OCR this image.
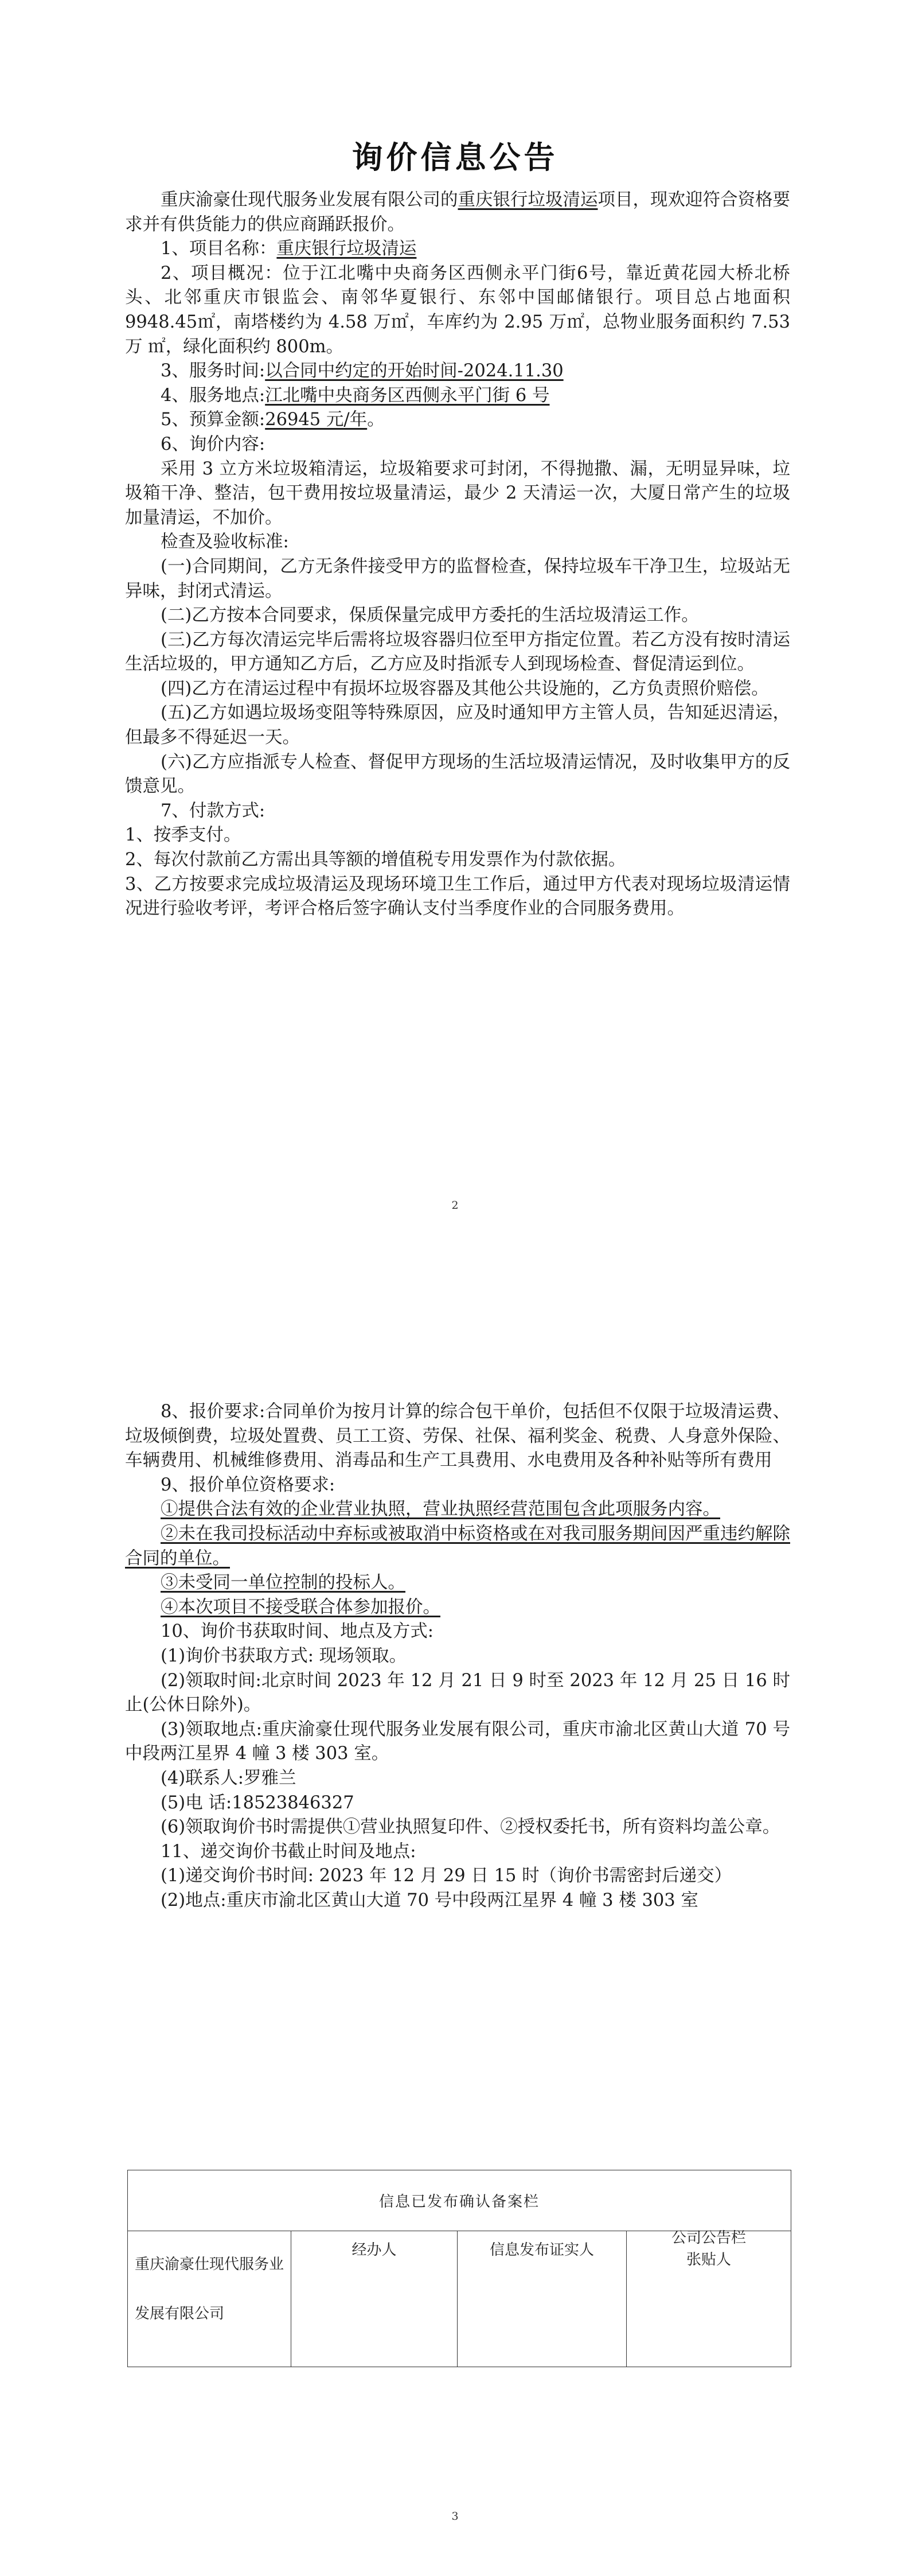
询价信息公告

重庆渝豪仕现代服务业发展有限公司的重庆银行垃圾清运项目，现欢迎符合资格要求并有供货能力的供应商踊跃报价。

1、项目名称：重庆银行垃圾清运

2、项目概况：位于江北嘴中央商务区西侧永平门街6号，靠近黄花园大桥北桥头、北邻重庆市银监会、南邻华夏银行、东邻中国邮储银行。项目总占地面积 9948.45㎡，南塔楼约为 4.58 万㎡，车库约为 2.95 万㎡，总物业服务面积约 7.53 万 ㎡，绿化面积约 800m。

3、服务时间:以合同中约定的开始时间-2024.11.30

4、服务地点:江北嘴中央商务区西侧永平门街 6 号

5、预算金额:26945 元/年。

6、询价内容:

采用 3 立方米垃圾箱清运，垃圾箱要求可封闭，不得抛撒、漏，无明显异味，垃圾箱干净、整洁，包干费用按垃圾量清运，最少 2 天清运一次，大厦日常产生的垃圾加量清运，不加价。

检查及验收标准:

(一)合同期间，乙方无条件接受甲方的监督检查，保持垃圾车干净卫生，垃圾站无异味，封闭式清运。

(二)乙方按本合同要求，保质保量完成甲方委托的生活垃圾清运工作。

(三)乙方每次清运完毕后需将垃圾容器归位至甲方指定位置。若乙方没有按时清运生活垃圾的，甲方通知乙方后，乙方应及时指派专人到现场检查、督促清运到位。

(四)乙方在清运过程中有损坏垃圾容器及其他公共设施的，乙方负责照价赔偿。

(五)乙方如遇垃圾场变阻等特殊原因，应及时通知甲方主管人员，告知延迟清运，但最多不得延迟一天。

(六)乙方应指派专人检查、督促甲方现场的生活垃圾清运情况，及时收集甲方的反馈意见。

7、付款方式:

1、按季支付。

2、每次付款前乙方需出具等额的增值税专用发票作为付款依据。

3、乙方按要求完成垃圾清运及现场环境卫生工作后，通过甲方代表对现场垃圾清运情况进行验收考评，考评合格后签字确认支付当季度作业的合同服务费用。

2

8、报价要求:合同单价为按月计算的综合包干单价，包括但不仅限于垃圾清运费、垃圾倾倒费，垃圾处置费、员工工资、劳保、社保、福利奖金、税费、人身意外保险、车辆费用、机械维修费用、消毒品和生产工具费用、水电费用及各种补贴等所有费用

9、报价单位资格要求:

①提供合法有效的企业营业执照，营业执照经营范围包含此项服务内容。

②未在我司投标活动中弃标或被取消中标资格或在对我司服务期间因严重违约解除合同的单位。

③未受同一单位控制的投标人。

④本次项目不接受联合体参加报价。

10、询价书获取时间、地点及方式:

(1)询价书获取方式: 现场领取。

(2)领取时间:北京时间 2023 年 12 月 21 日 9 时至 2023 年 12 月 25 日 16 时止(公休日除外)。

(3)领取地点:重庆渝豪仕现代服务业发展有限公司，重庆市渝北区黄山大道 70 号中段两江星界 4 幢 3 楼 303 室。

(4)联系人:罗雅兰

(5)电 话:18523846327

(6)领取询价书时需提供①营业执照复印件、②授权委托书，所有资料均盖公章。

11、递交询价书截止时间及地点:

(1)递交询价书时间: 2023 年 12 月 29 日 15 时（询价书需密封后递交）

(2)地点:重庆市渝北区黄山大道 70 号中段两江星界 4 幢 3 楼 303 室

信息已发布确认备案栏
重庆渝豪仕现代服务业发展有限公司
经办人	信息发布证实人
公司公告栏
张贴人
3
